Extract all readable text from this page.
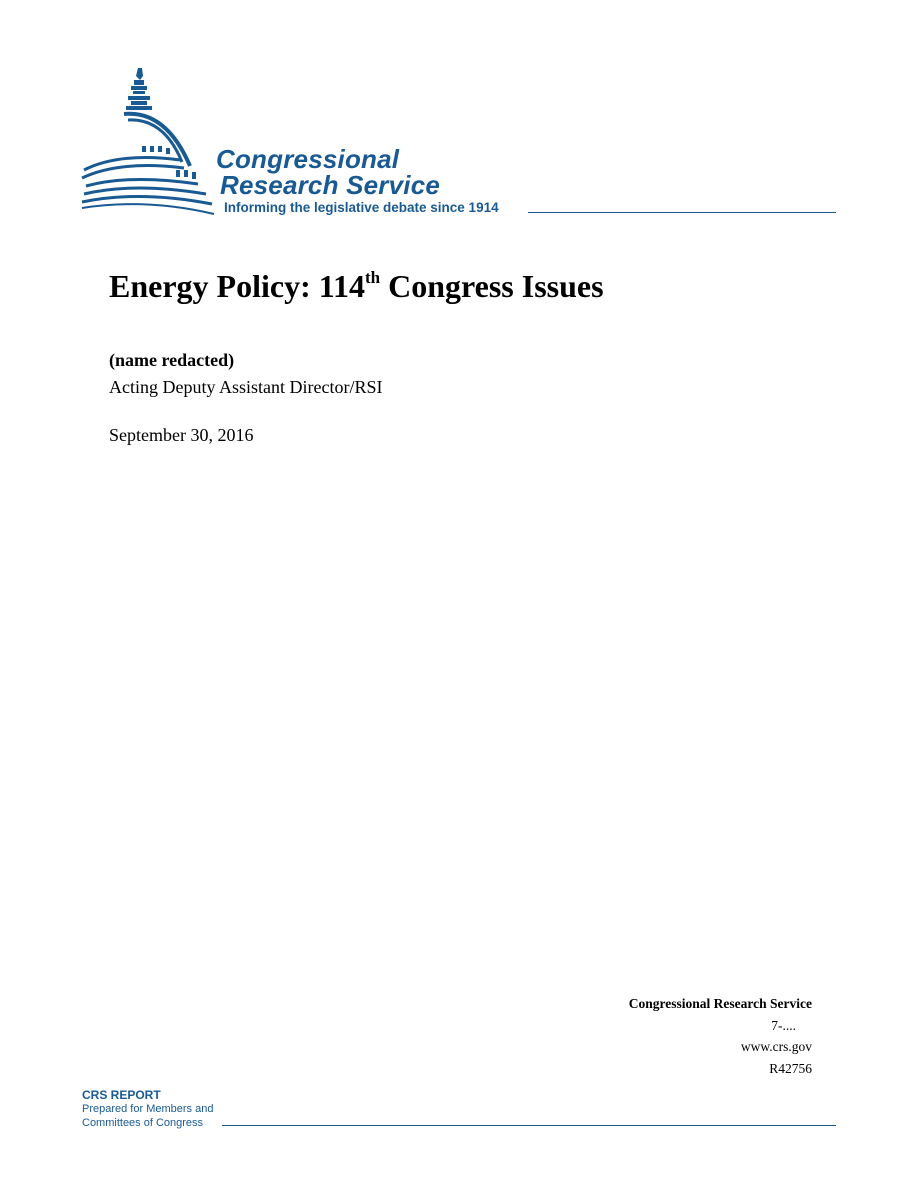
Congressional
Research Service
Informing the legislative debate since 1914
Energy Policy: 114th Congress Issues
(name redacted)
Acting Deputy Assistant Director/RSI
September 30, 2016
Congressional Research Service
7-....
www.crs.gov
R42756
CRS REPORT
Prepared for Members and
Committees of Congress
